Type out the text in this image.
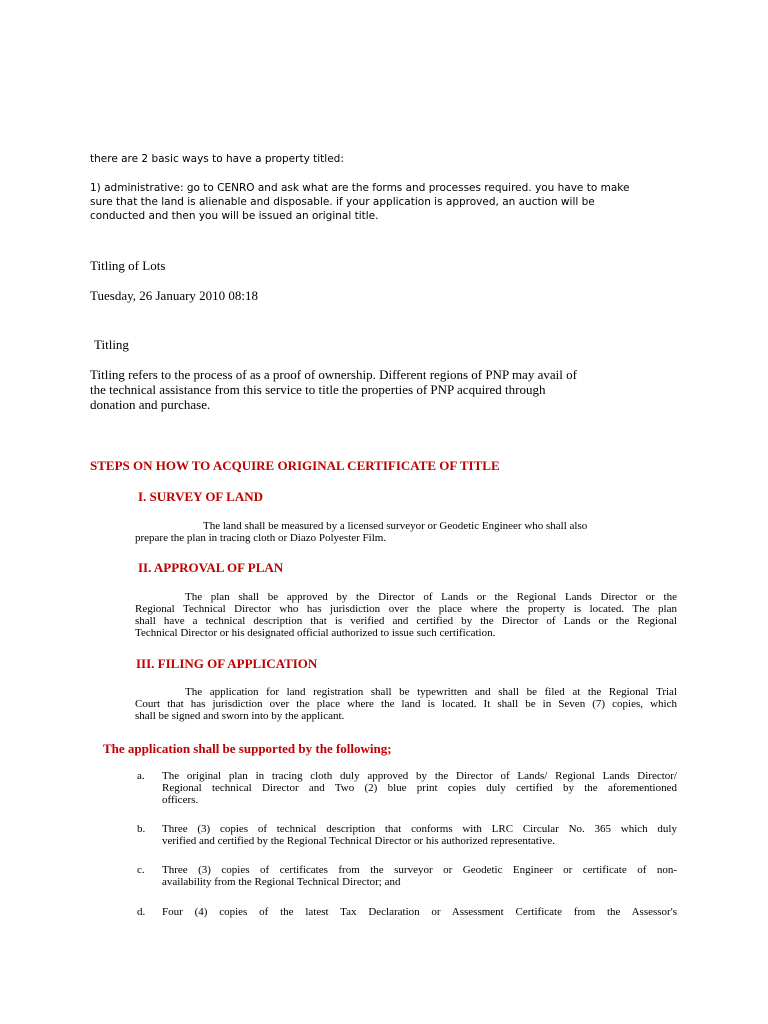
there are 2 basic ways to have a property titled:
1) administrative: go to CENRO and ask what are the forms and processes required. you have to make
sure that the land is alienable and disposable. if your application is approved, an auction will be
conducted and then you will be issued an original title.
Titling of Lots
Tuesday, 26 January 2010 08:18
Titling
Titling refers to the process of as a proof of ownership. Different regions of PNP may avail of
the technical assistance from this service to title the properties of PNP acquired through
donation and purchase.
STEPS ON HOW TO ACQUIRE ORIGINAL CERTIFICATE OF TITLE
I. SURVEY OF LAND
The land shall be measured by a licensed surveyor or Geodetic Engineer who shall also
prepare the plan in tracing cloth or Diazo Polyester Film.
II. APPROVAL OF PLAN
The plan shall be approved by the Director of Lands or the Regional Lands Director or the
Regional Technical Director who has jurisdiction over the place where the property is located. The plan
shall have a technical description that is verified and certified by the Director of Lands or the Regional
Technical Director or his designated official authorized to issue such certification.
III. FILING OF APPLICATION
The application for land registration shall be typewritten and shall be filed at the Regional Trial
Court that has jurisdiction over the place where the land is located. It shall be in Seven (7) copies, which
shall be signed and sworn into by the applicant.
The application shall be supported by the following;
a.	The original plan in tracing cloth duly approved by the Director of Lands/ Regional Lands Director/
Regional technical Director and Two (2) blue print copies duly certified by the aforementioned
officers.
b.	Three (3) copies of technical description that conforms with LRC Circular No. 365 which duly
verified and certified by the Regional Technical Director or his authorized representative.
c.	Three (3) copies of certificates from the surveyor or Geodetic Engineer or certificate of non-
availability from the Regional Technical Director; and
d.	Four (4) copies of the latest Tax Declaration or Assessment Certificate from the Assessor's
